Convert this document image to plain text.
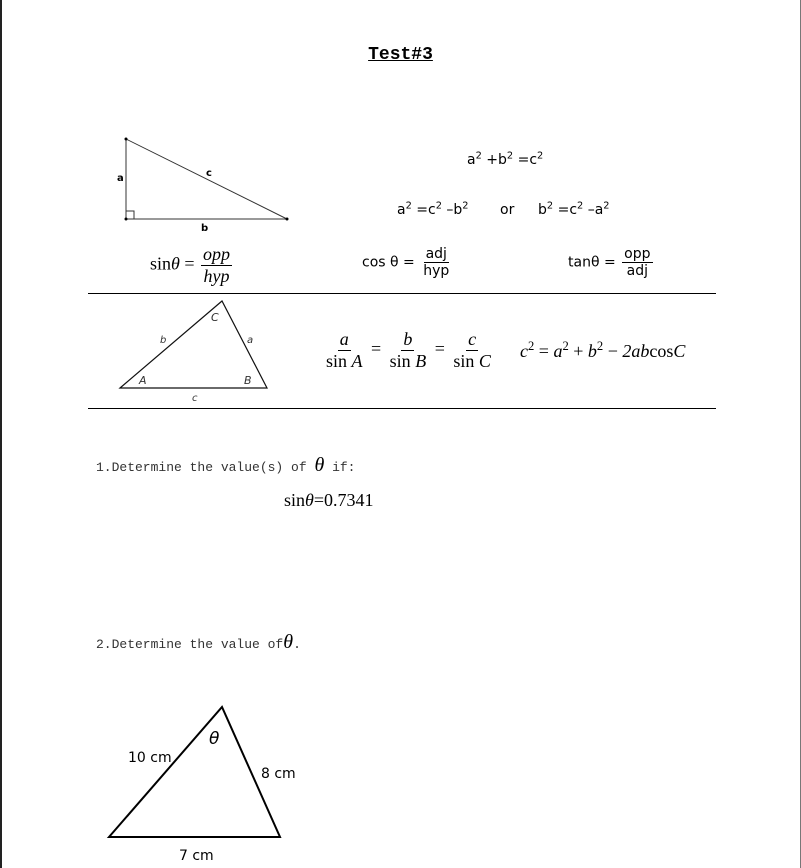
Test#3
a	c
b
$a^2 +b^2 =c^2$
$a^2 =c^2$ $-b^2$ or $b^2 =c^2$ $-a^2$
$\sin\theta = \frac{\text{opp}}{\text{hyp}}$	$\cos \theta = \frac{\text{adj}}{\text{hyp}}$	$\tan\theta = \frac{\text{opp}}{\text{adj}}$
A	B
C
b	a
c
$\frac{a}{\text{sin A}} = \frac{b}{\text{sin B}} = \frac{c}{\text{sin C}} c^2 = a^2 + b^2 - 2abcosC$
1.Determine the value(s) of θ if:
sinθ=0.7341
2.Determine the value ofθ.
10 cm
8 cm
7 cm
θ
